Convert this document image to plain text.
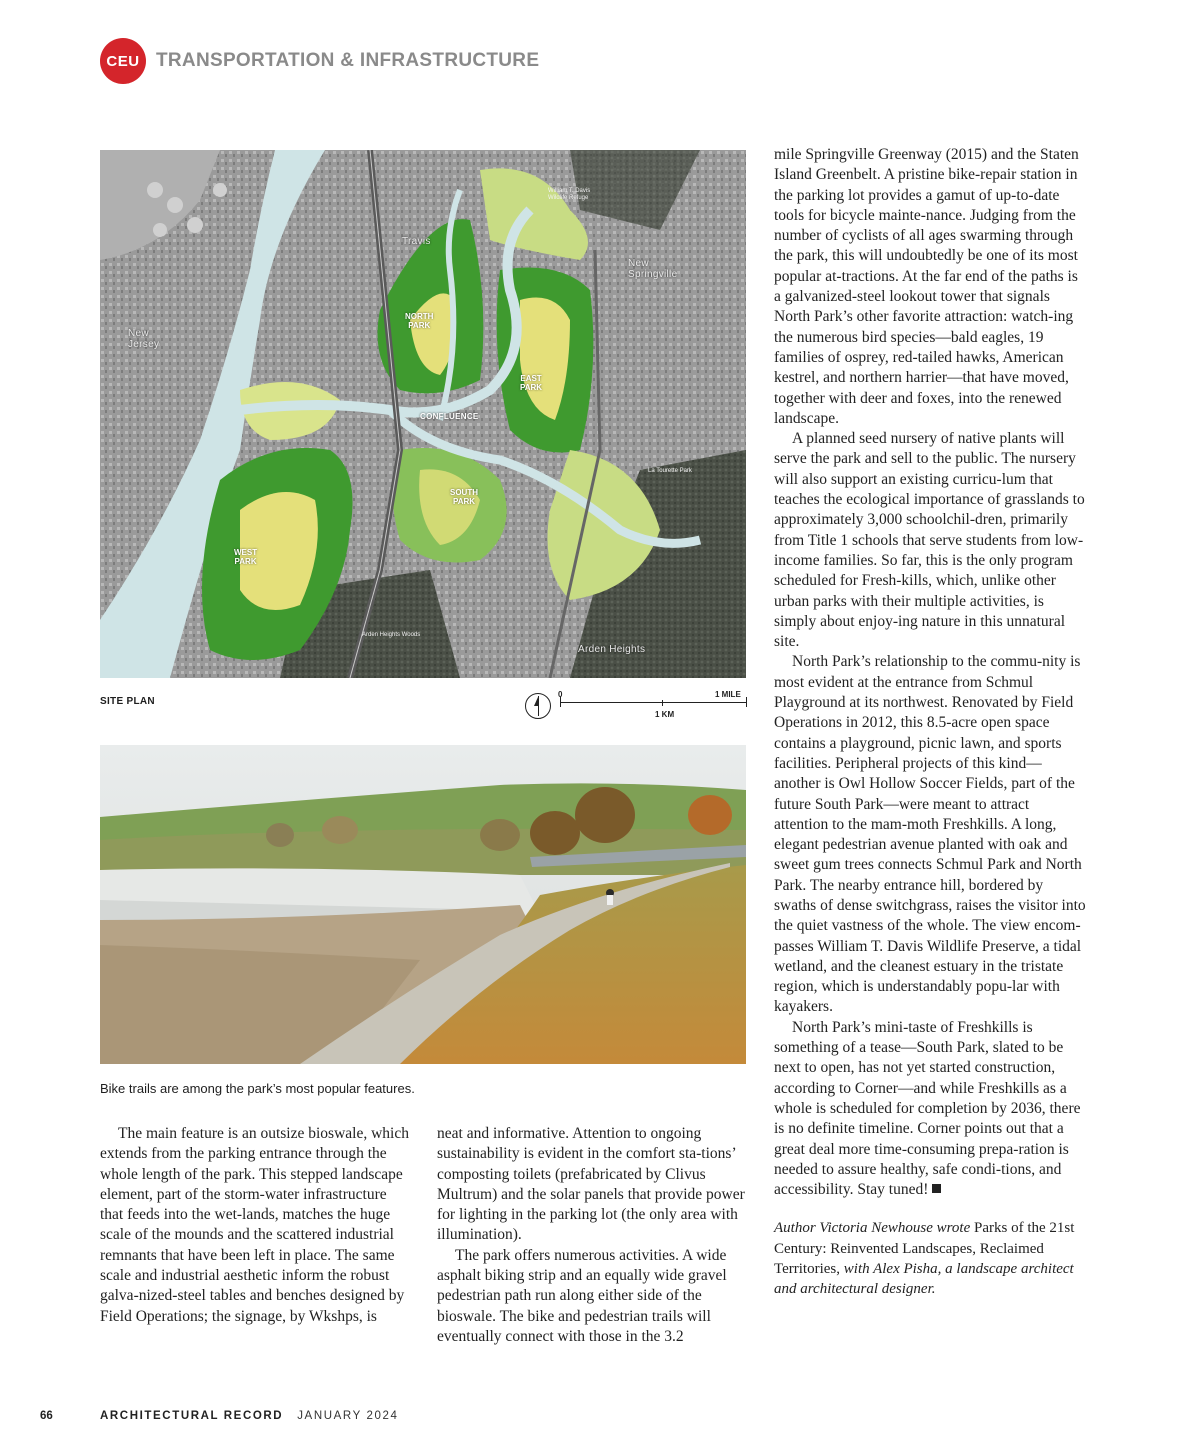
CEU TRANSPORTATION & INFRASTRUCTURE
NORTH
PARK
EAST
PARK
SOUTH
PARK
WEST
PARK
CONFLUENCE
Travis
New
Springville
New
Jersey
Arden Heights
Arden Heights Woods
La Tourette Park
William T. Davis
Wildlife Refuge
SITE PLAN
0	1 MILE
1 KM
Bike trails are among the park’s most popular features.

The main feature is an outsize bioswale, which extends from the parking entrance through the whole length of the park. This stepped landscape element, part of the storm-water infrastructure that feeds into the wet-lands, matches the huge scale of the mounds and the scattered industrial remnants that have been left in place. The same scale and industrial aesthetic inform the robust galva-nized-steel tables and benches designed by Field Operations; the signage, by Wkshps, is

neat and informative. Attention to ongoing sustainability is evident in the comfort sta-tions’ composting toilets (prefabricated by Clivus Multrum) and the solar panels that provide power for lighting in the parking lot (the only area with illumination).

The park offers numerous activities. A wide asphalt biking strip and an equally wide gravel pedestrian path run along either side of the bioswale. The bike and pedestrian trails will eventually connect with those in the 3.2

mile Springville Greenway (2015) and the Staten Island Greenbelt. A pristine bike-repair station in the parking lot provides a gamut of up-to-date tools for bicycle mainte-nance. Judging from the number of cyclists of all ages swarming through the park, this will undoubtedly be one of its most popular at-tractions. At the far end of the paths is a galvanized-steel lookout tower that signals North Park’s other favorite attraction: watch-ing the numerous bird species—bald eagles, 19 families of osprey, red-tailed hawks, American kestrel, and northern harrier—that have moved, together with deer and foxes, into the renewed landscape.

A planned seed nursery of native plants will serve the park and sell to the public. The nursery will also support an existing curricu-lum that teaches the ecological importance of grasslands to approximately 3,000 schoolchil-dren, primarily from Title 1 schools that serve students from low-income families. So far, this is the only program scheduled for Fresh-kills, which, unlike other urban parks with their multiple activities, is simply about enjoy-ing nature in this unnatural site.

North Park’s relationship to the commu-nity is most evident at the entrance from Schmul Playground at its northwest. Renovated by Field Operations in 2012, this 8.5-acre open space contains a playground, picnic lawn, and sports facilities. Peripheral projects of this kind—another is Owl Hollow Soccer Fields, part of the future South Park—were meant to attract attention to the mam-moth Freshkills. A long, elegant pedestrian avenue planted with oak and sweet gum trees connects Schmul Park and North Park. The nearby entrance hill, bordered by swaths of dense switchgrass, raises the visitor into the quiet vastness of the whole. The view encom-passes William T. Davis Wildlife Preserve, a tidal wetland, and the cleanest estuary in the tristate region, which is understandably popu-lar with kayakers.

North Park’s mini-taste of Freshkills is something of a tease—South Park, slated to be next to open, has not yet started construction, according to Corner—and while Freshkills as a whole is scheduled for completion by 2036, there is no definite timeline. Corner points out that a great deal more time-consuming prepa-ration is needed to assure healthy, safe condi-tions, and accessibility. Stay tuned!

Author Victoria Newhouse wrote Parks of the 21st Century: Reinvented Landscapes, Reclaimed Territories, with Alex Pisha, a landscape architect and architectural designer.

66	ARCHITECTURAL RECORD JANUARY 2024
